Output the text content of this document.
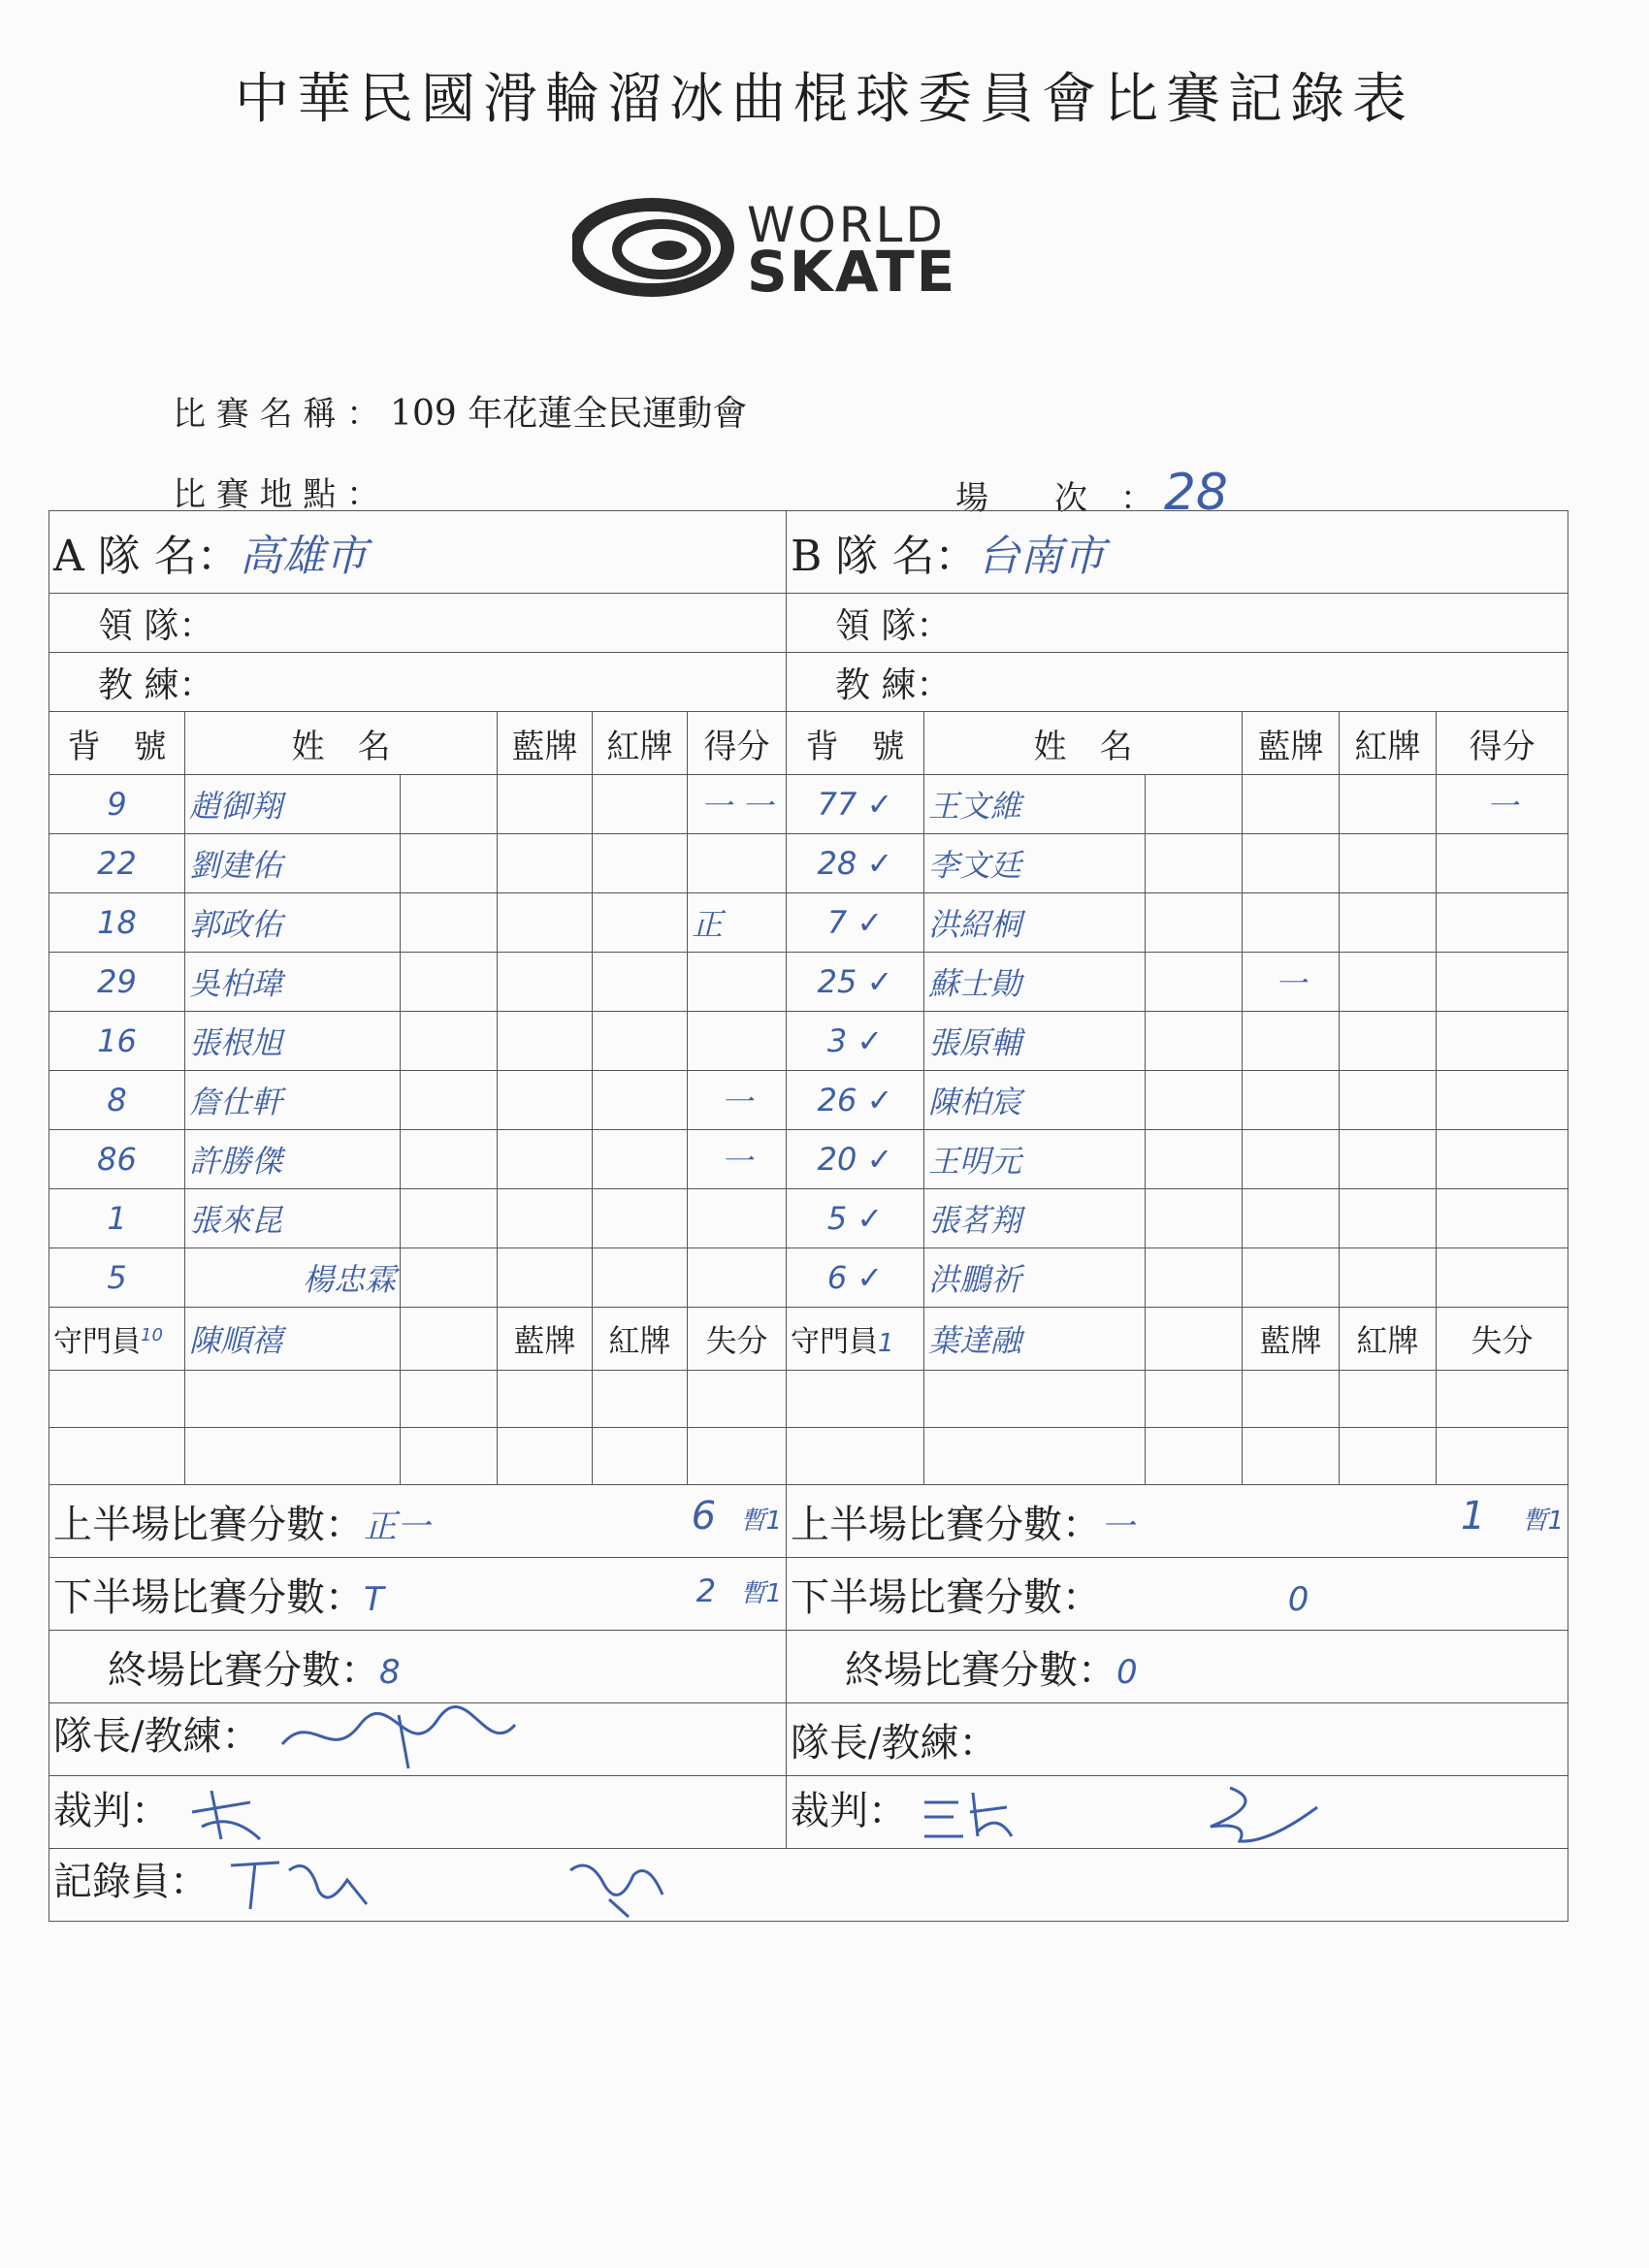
中華民國滑輪溜冰曲棍球委員會比賽記錄表
WORLD
SKATE
比 賽 名 稱 ： 109 年花蓮全民運動會
比 賽 地 點 ：	場　　次　： 28
A 隊 名：高雄市						B 隊 名：台南市					
領 隊：						領 隊：					
教 練：						教 練：					
背　號	姓　名		藍牌	紅牌	得分	背　號	姓　名		藍牌	紅牌	得分
9	趙御翔				一 一	77 ✓	王文維				一
22	劉建佑					28 ✓	李文廷				
18	郭政佑				正	7 ✓	洪紹桐				
29	吳柏瑋					25 ✓	蘇士勛		一		
16	張根旭					3 ✓	張原輔				
8	詹仕軒				一	26 ✓	陳柏宸				
86	許勝傑				一	20 ✓	王明元				
1	張來昆					5 ✓	張茗翔				
5	楊忠霖					6 ✓	洪鵬祈				
守門員$^{10}$	陳順禧		藍牌	紅牌	失分	守門員1	葉達融		藍牌	紅牌	失分

上半場比賽分數：正一 6 暫1						上半場比賽分數：一 1 暫1					

下半場比賽分數：T 2 暫1						下半場比賽分數： 0					
終場比賽分數：8						終場比賽分數：0					
隊長/教練：						隊長/教練：					
裁判：						裁判：					
記錄員：											
